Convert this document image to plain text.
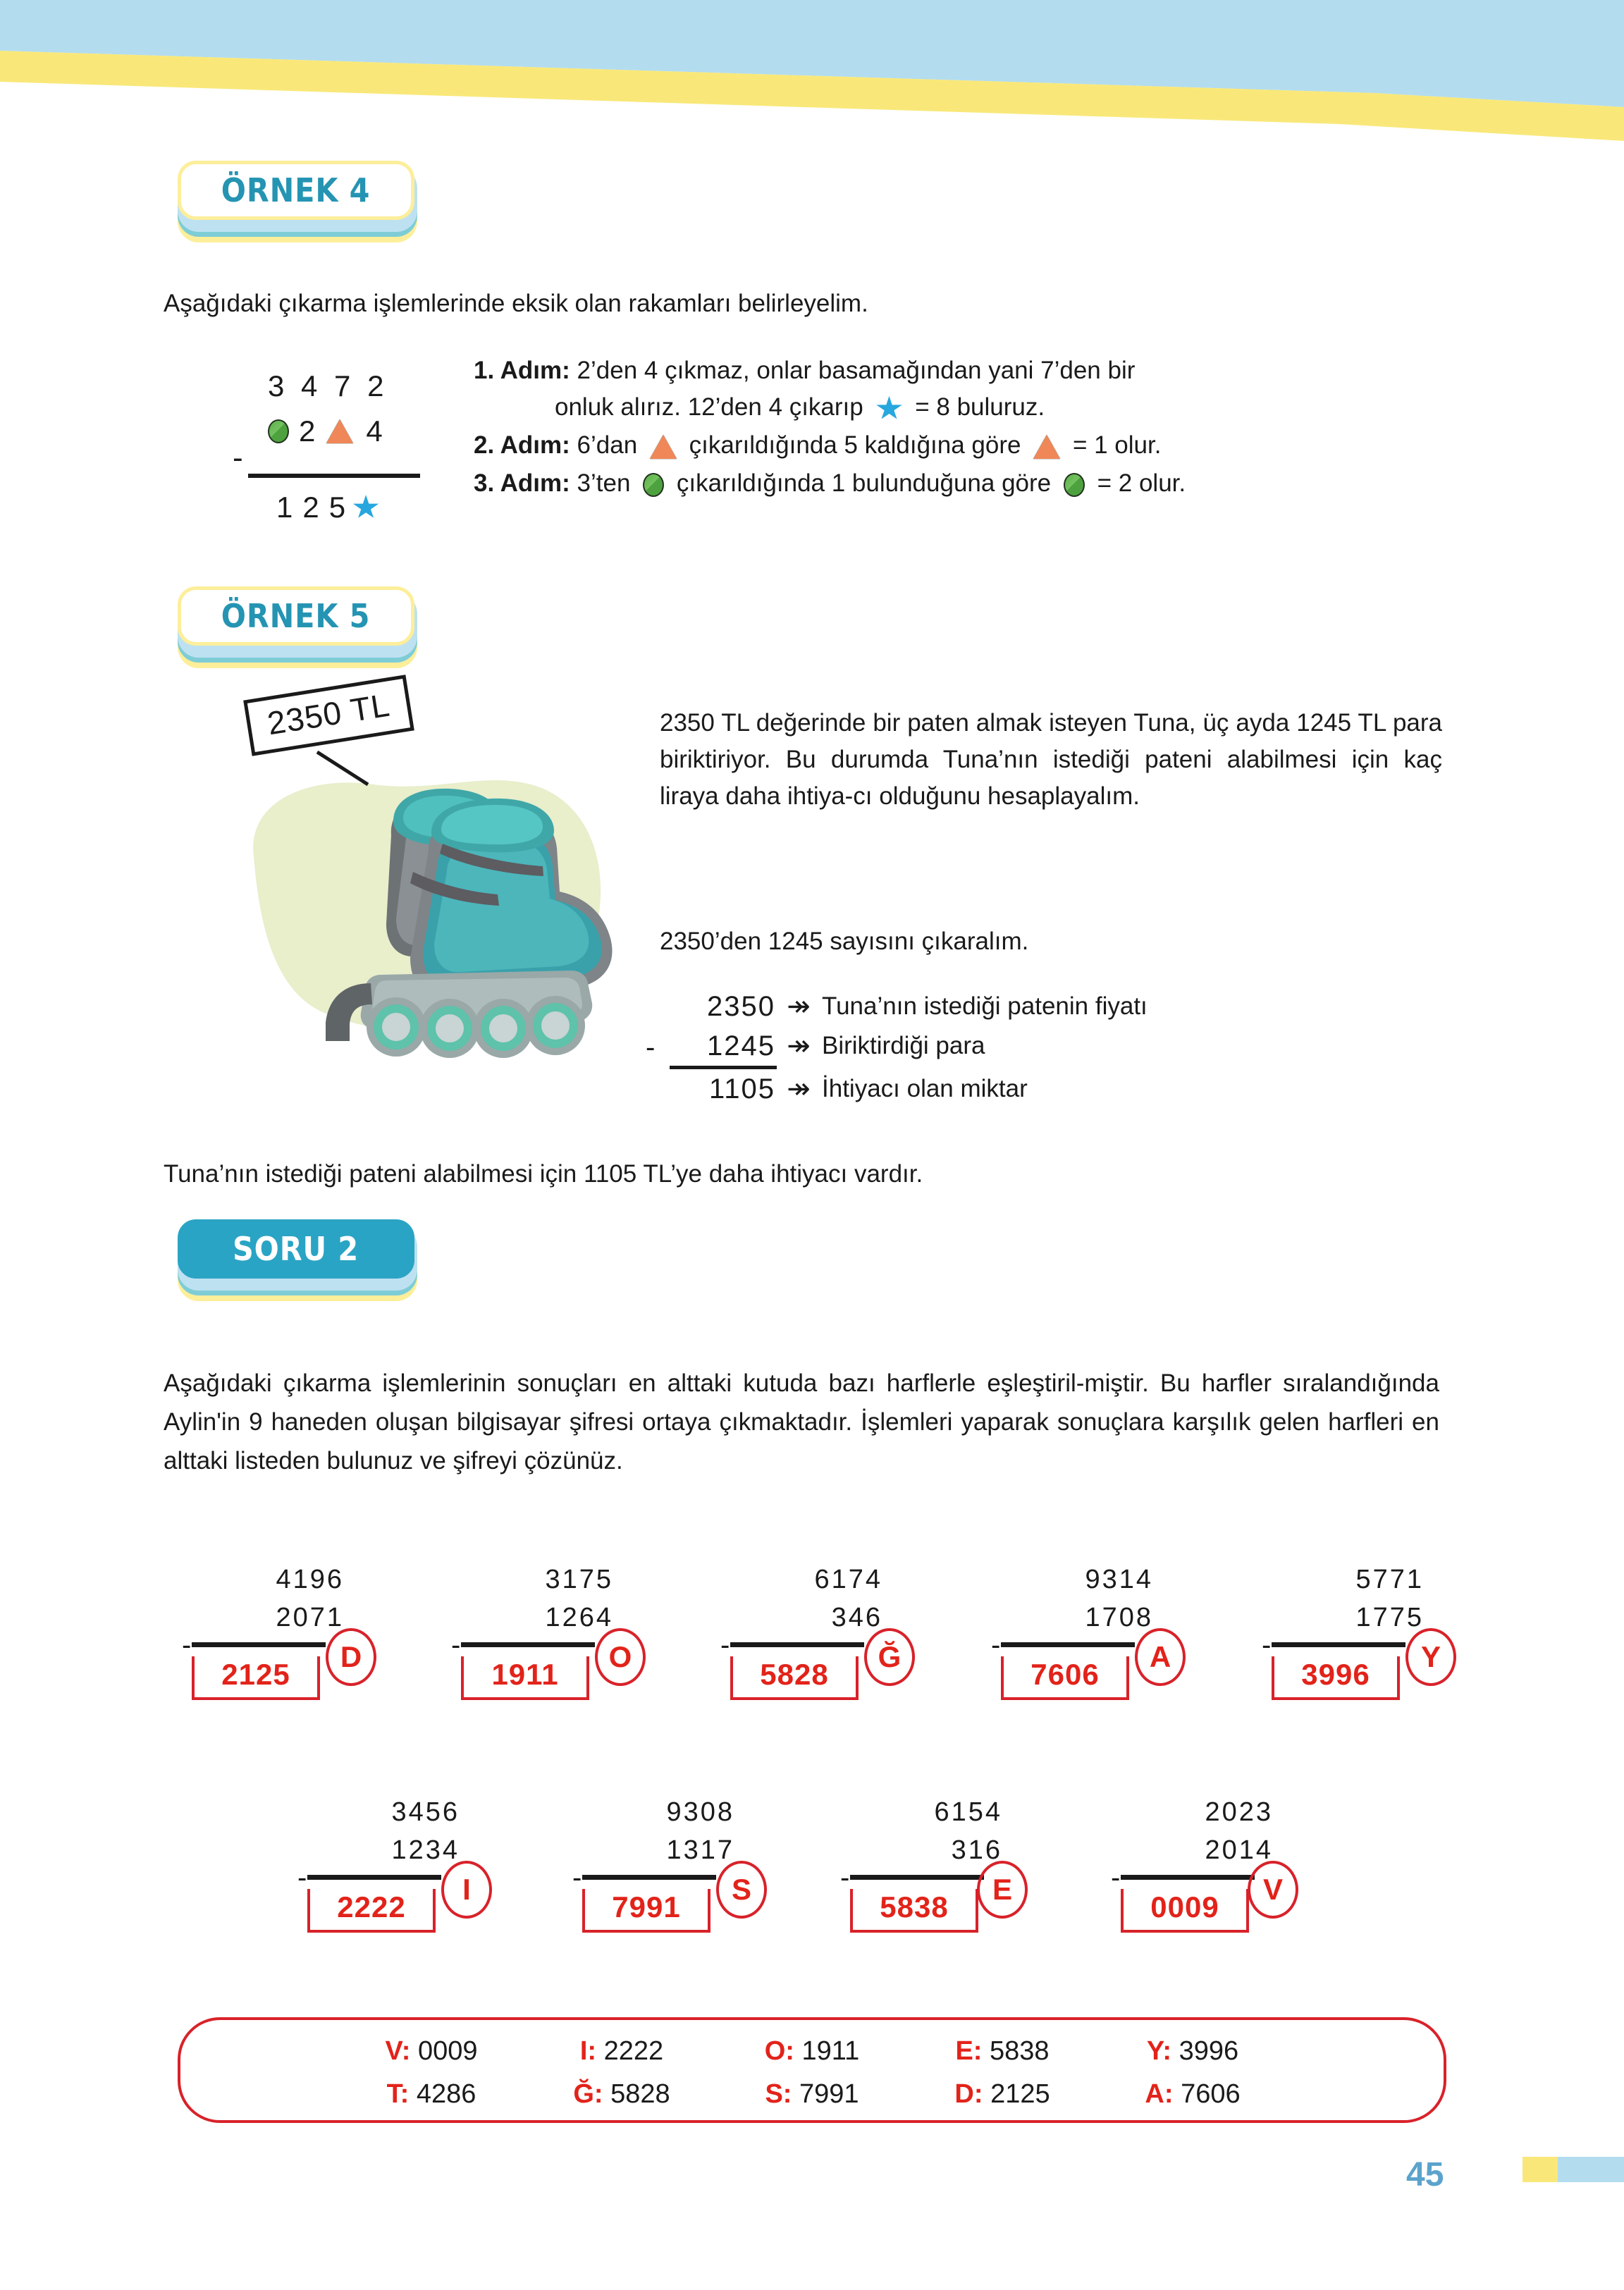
ÖRNEK 4
Aşağıdaki çıkarma işlemlerinde eksik olan rakamları belirleyelim.
3 4 7 2
2 4
-
1 2 5
1. Adım: 2’den 4 çıkmaz, onlar basamağından yani 7’den bir
onluk alırız. 12’den 4 çıkarıp = 8 buluruz.
2. Adım: 6’dan çıkarıldığında 5 kaldığına göre = 1 olur.
3. Adım: 3’ten çıkarıldığında 1 bulunduğuna göre = 2 olur.
ÖRNEK 5
2350 TL	2350 TL değerinde bir paten almak isteyen Tuna, üç ayda 1245 TL para biriktiriyor. Bu durumda Tuna’nın istediği pateni alabilmesi için kaç liraya daha ihtiya-cı olduğunu hesaplayalım.
2350’den 1245 sayısını çıkaralım.
2350 ↠ Tuna’nın istediği patenin fiyatı
- 1245 ↠ Biriktirdiği para
1105 ↠ İhtiyacı olan miktar
Tuna’nın istediği pateni alabilmesi için 1105 TL’ye daha ihtiyacı vardır.
SORU 2
Aşağıdaki çıkarma işlemlerinin sonuçları en alttaki kutuda bazı harflerle eşleştiril-miştir. Bu harfler sıralandığında Aylin'in 9 haneden oluşan bilgisayar şifresi ortaya çıkmaktadır. İşlemleri yaparak sonuçlara karşılık gelen harfleri en alttaki listeden bulunuz ve şifreyi çözünüz.
4196
2071
-
2125
D
3175
1264
-
1911
O
6174
346
-
5828
Ğ
9314
1708
-
7606
A
5771
1775
-
3996
Y
3456
1234
-
2222
I
9308
1317
-
7991
S
6154
316
-
5838
E
2023
2014
-
0009
V
V: 0009	I: 2222	O: 1911	E: 5838	Y: 3996
T: 4286	Ğ: 5828	S: 7991	D: 2125	A: 7606
45
